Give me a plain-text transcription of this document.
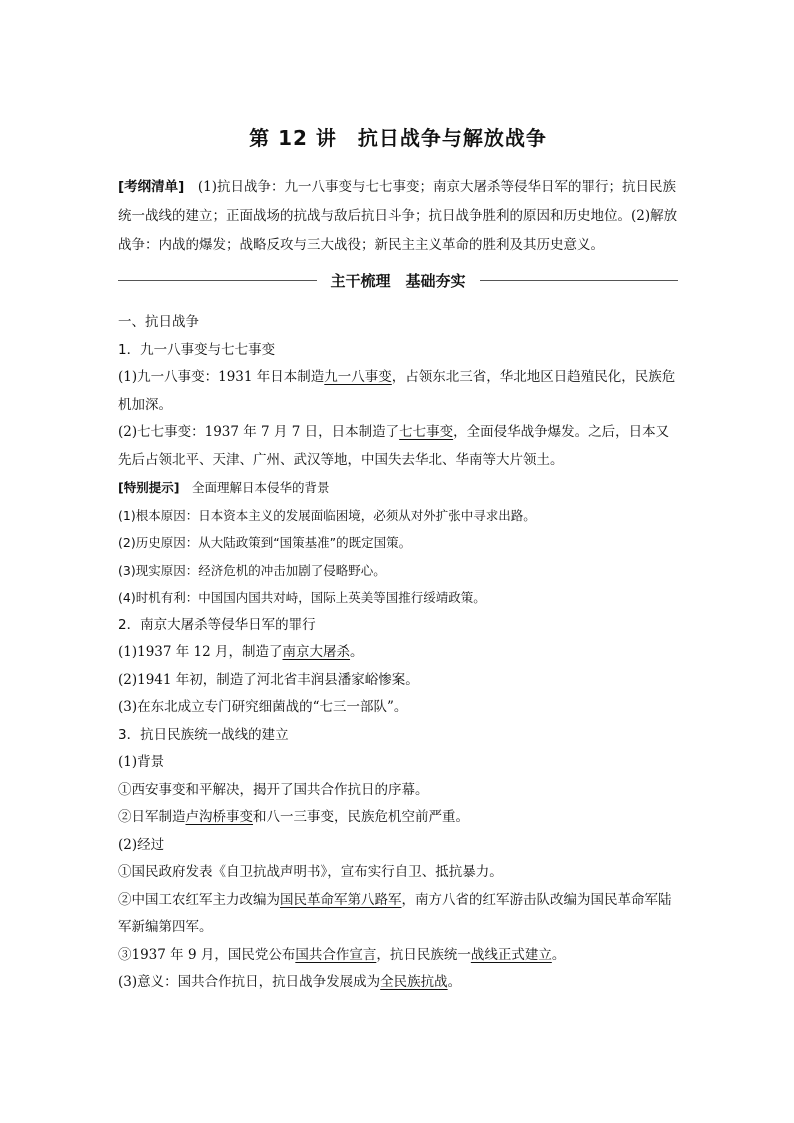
第 12 讲　抗日战争与解放战争
[考纲清单]　(1)抗日战争：九一八事变与七七事变；南京大屠杀等侵华日军的罪行；抗日民族统一战线的建立；正面战场的抗战与敌后抗日斗争；抗日战争胜利的原因和历史地位。(2)解放战争：内战的爆发；战略反攻与三大战役；新民主主义革命的胜利及其历史意义。
主干梳理　基础夯实

一、抗日战争

1．九一八事变与七七事变

(1)九一八事变：1931 年日本制造九一八事变，占领东北三省，华北地区日趋殖民化，民族危机加深。

(2)七七事变：1937 年 7 月 7 日，日本制造了七七事变，全面侵华战争爆发。之后，日本又先后占领北平、天津、广州、武汉等地，中国失去华北、华南等大片领土。

[特别提示]　全面理解日本侵华的背景

(1)根本原因：日本资本主义的发展面临困境，必须从对外扩张中寻求出路。

(2)历史原因：从大陆政策到“国策基准”的既定国策。

(3)现实原因：经济危机的冲击加剧了侵略野心。

(4)时机有利：中国国内国共对峙，国际上英美等国推行绥靖政策。

2．南京大屠杀等侵华日军的罪行

(1)1937 年 12 月，制造了南京大屠杀。

(2)1941 年初，制造了河北省丰润县潘家峪惨案。

(3)在东北成立专门研究细菌战的“七三一部队”。

3．抗日民族统一战线的建立

(1)背景

①西安事变和平解决，揭开了国共合作抗日的序幕。

②日军制造卢沟桥事变和八一三事变，民族危机空前严重。

(2)经过

①国民政府发表《自卫抗战声明书》，宣布实行自卫、抵抗暴力。

②中国工农红军主力改编为国民革命军第八路军，南方八省的红军游击队改编为国民革命军陆军新编第四军。

③1937 年 9 月，国民党公布国共合作宣言，抗日民族统一战线正式建立。

(3)意义：国共合作抗日，抗日战争发展成为全民族抗战。
